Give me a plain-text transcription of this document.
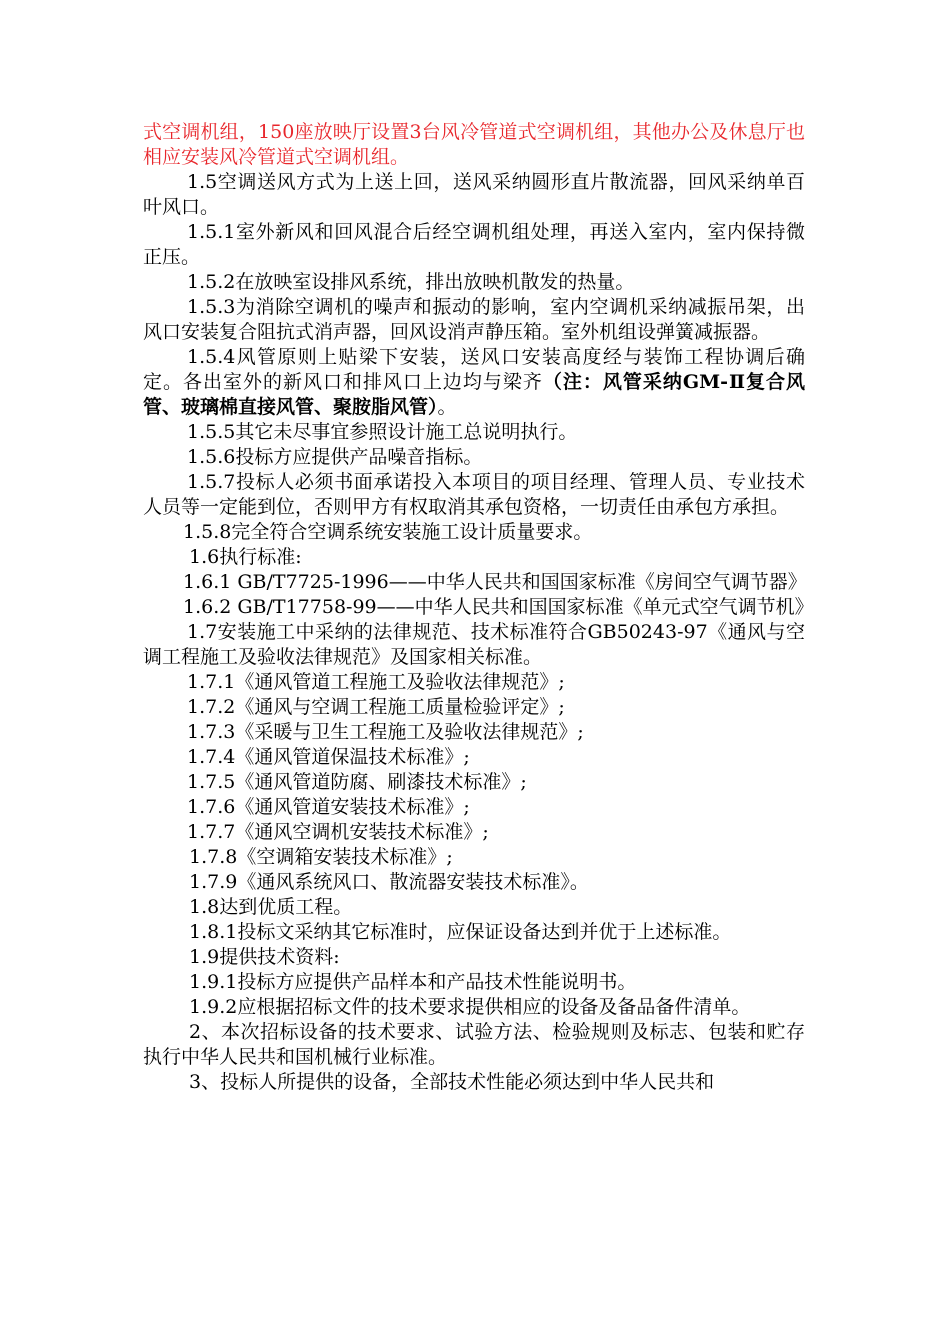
式空调机组，150座放映厅设置3台风冷管道式空调机组，其他办公及休息厅也相应安装风冷管道式空调机组。

1.5空调送风方式为上送上回，送风采纳圆形直片散流器，回风采纳单百叶风口。

1.5.1室外新风和回风混合后经空调机组处理，再送入室内，室内保持微正压。

1.5.2在放映室设排风系统，排出放映机散发的热量。

1.5.3为消除空调机的噪声和振动的影响，室内空调机采纳减振吊架，出风口安装复合阻抗式消声器，回风设消声静压箱。室外机组设弹簧减振器。

1.5.4风管原则上贴梁下安装，送风口安装高度经与装饰工程协调后确定。各出室外的新风口和排风口上边均与梁齐（注：风管采纳GM-Ⅱ复合风管、玻璃棉直接风管、聚胺脂风管）。

1.5.5其它未尽事宜参照设计施工总说明执行。

1.5.6投标方应提供产品噪音指标。

1.5.7投标人必须书面承诺投入本项目的项目经理、管理人员、专业技术人员等一定能到位，否则甲方有权取消其承包资格，一切责任由承包方承担。

1.5.8完全符合空调系统安装施工设计质量要求。

1.6执行标准:

1.6.1 GB/T7725-1996——中华人民共和国国家标准《房间空气调节器》

1.6.2 GB/T17758-99——中华人民共和国国家标准《单元式空气调节机》

1.7安装施工中采纳的法律规范、技术标准符合GB50243-97《通风与空调工程施工及验收法律规范》及国家相关标准。

1.7.1《通风管道工程施工及验收法律规范》;

1.7.2《通风与空调工程施工质量检验评定》;

1.7.3《采暖与卫生工程施工及验收法律规范》;

1.7.4《通风管道保温技术标准》;

1.7.5《通风管道防腐、刷漆技术标准》;

1.7.6《通风管道安装技术标准》;

1.7.7《通风空调机安装技术标准》;

1.7.8《空调箱安装技术标准》;

1.7.9《通风系统风口、散流器安装技术标准》。

1.8达到优质工程。

1.8.1投标文采纳其它标准时，应保证设备达到并优于上述标准。

1.9提供技术资料:

1.9.1投标方应提供产品样本和产品技术性能说明书。

1.9.2应根据招标文件的技术要求提供相应的设备及备品备件清单。

2、本次招标设备的技术要求、试验方法、检验规则及标志、包装和贮存执行中华人民共和国机械行业标准。

3、投标人所提供的设备，全部技术性能必须达到中华人民共和
